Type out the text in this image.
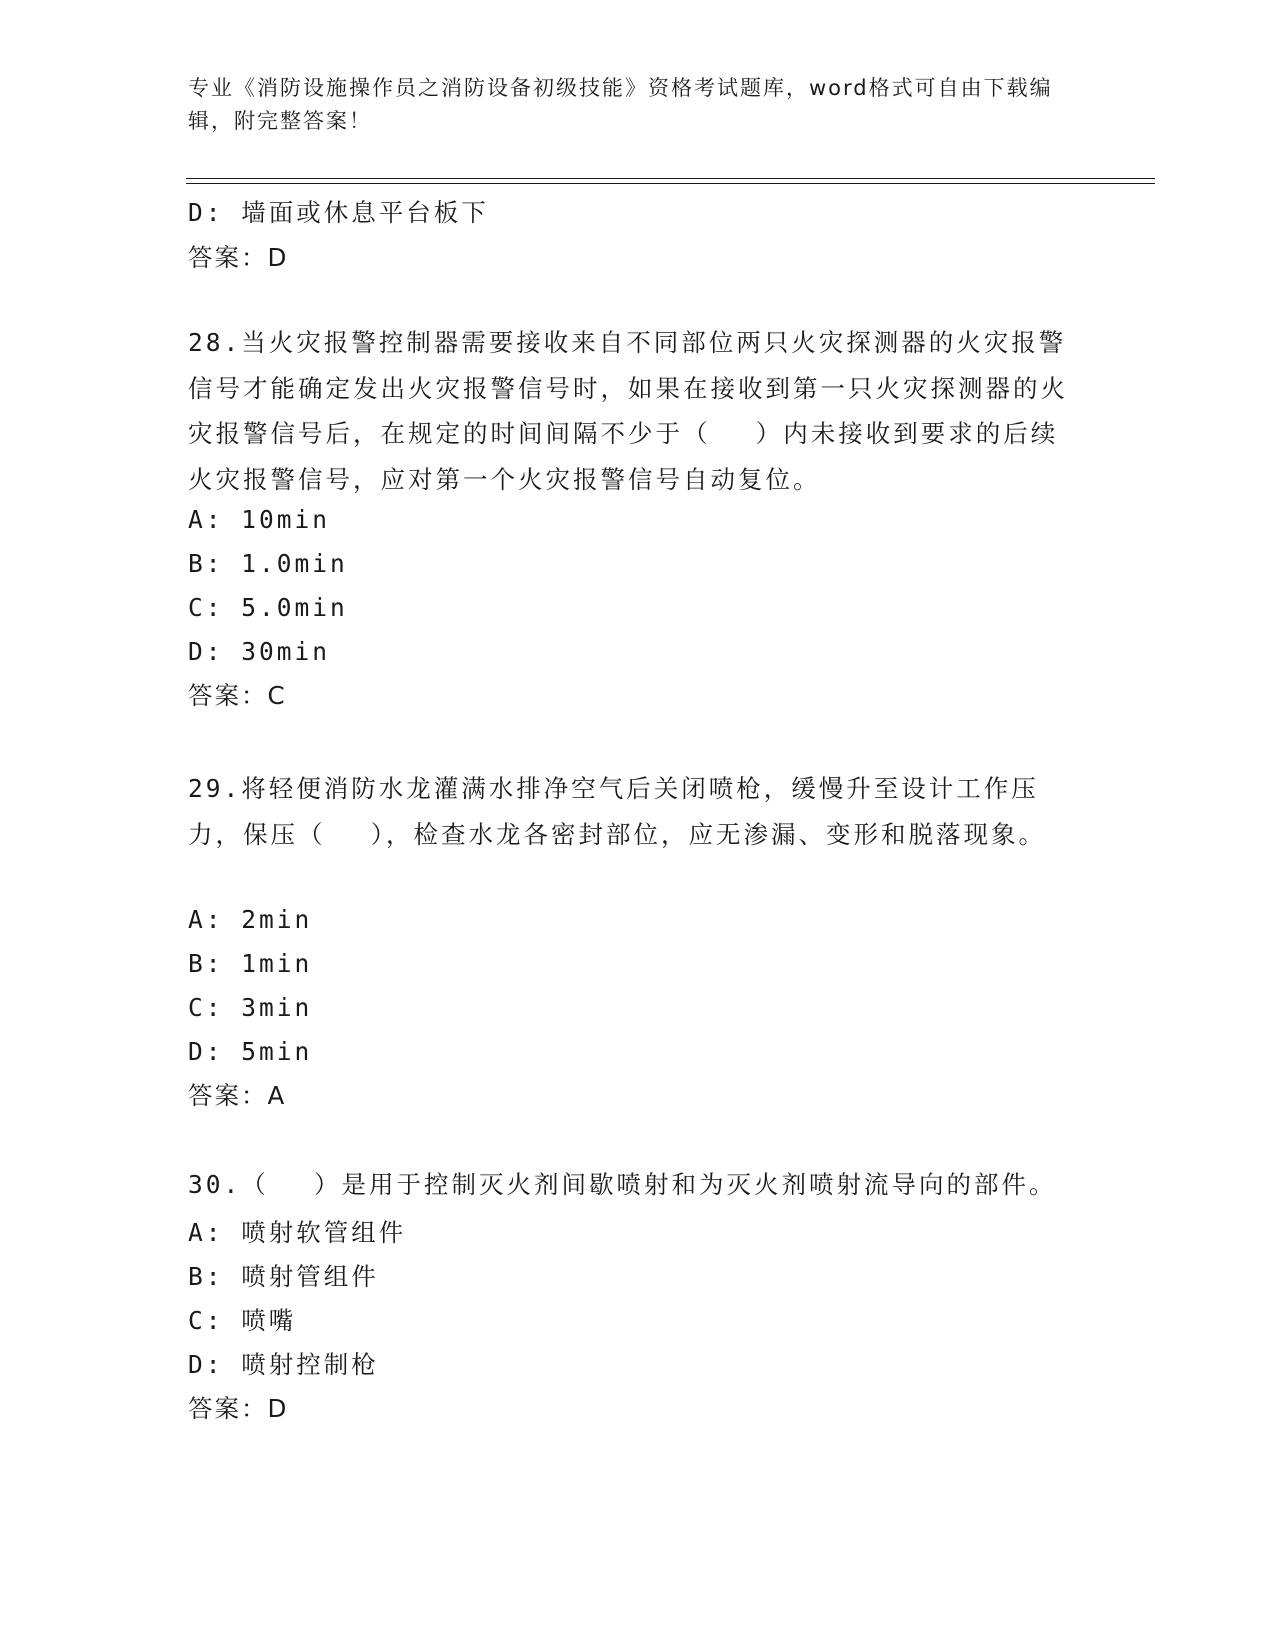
专业《消防设施操作员之消防设备初级技能》资格考试题库，word格式可自由下载编辑，附完整答案！
D: 墙面或休息平台板下
答案：D
28.当火灾报警控制器需要接收来自不同部位两只火灾探测器的火灾报警信号才能确定发出火灾报警信号时，如果在接收到第一只火灾探测器的火灾报警信号后，在规定的时间间隔不少于（　 ）内未接收到要求的后续火灾报警信号，应对第一个火灾报警信号自动复位。
A: 10min
B: 1.0min
C: 5.0min
D: 30min
答案：C
29.将轻便消防水龙灌满水排净空气后关闭喷枪，缓慢升至设计工作压力，保压（　 ），检查水龙各密封部位，应无渗漏、变形和脱落现象。
A: 2min
B: 1min
C: 3min
D: 5min
答案：A
30.（　 ）是用于控制灭火剂间歇喷射和为灭火剂喷射流导向的部件。
A: 喷射软管组件
B: 喷射管组件
C: 喷嘴
D: 喷射控制枪
答案：D
